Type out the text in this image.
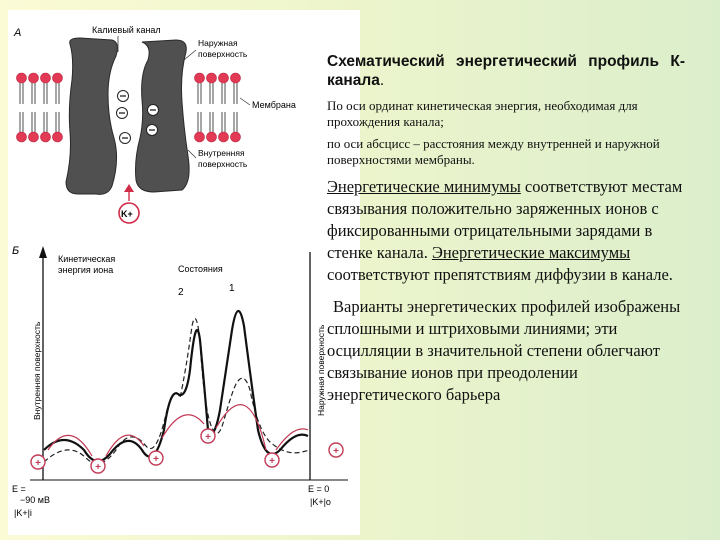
А	Калиевый канал
Наружная
поверхность
Мембрана
Внутренняя
поверхность
K+
Б
Кинетическая
энергия иона
Внутренняя поверхность	Наружная поверхность
Состояния
2	1
+	+
+
+
+
+
E =
−90 мВ
|K+|i
E = 0
|K+|o

Схематический энергетический профиль К-канала.

По оси ординат кинетическая энергия, необходимая для прохождения канала;

по оси абсцисс – расстояния между внутренней и наружной поверхностями мембраны.

Энергетические минимумы соответствуют местам связывания положительно заряженных ионов с фиксированными отрицательными зарядами в стенке канала. Энергетические максимумы соответствуют препятствиям диффузии в канале.

Варианты энергетических профилей изображены сплошными и штриховыми линиями; эти осцилляции в значительной степени облегчают связывание ионов при преодолении энергетического барьера
